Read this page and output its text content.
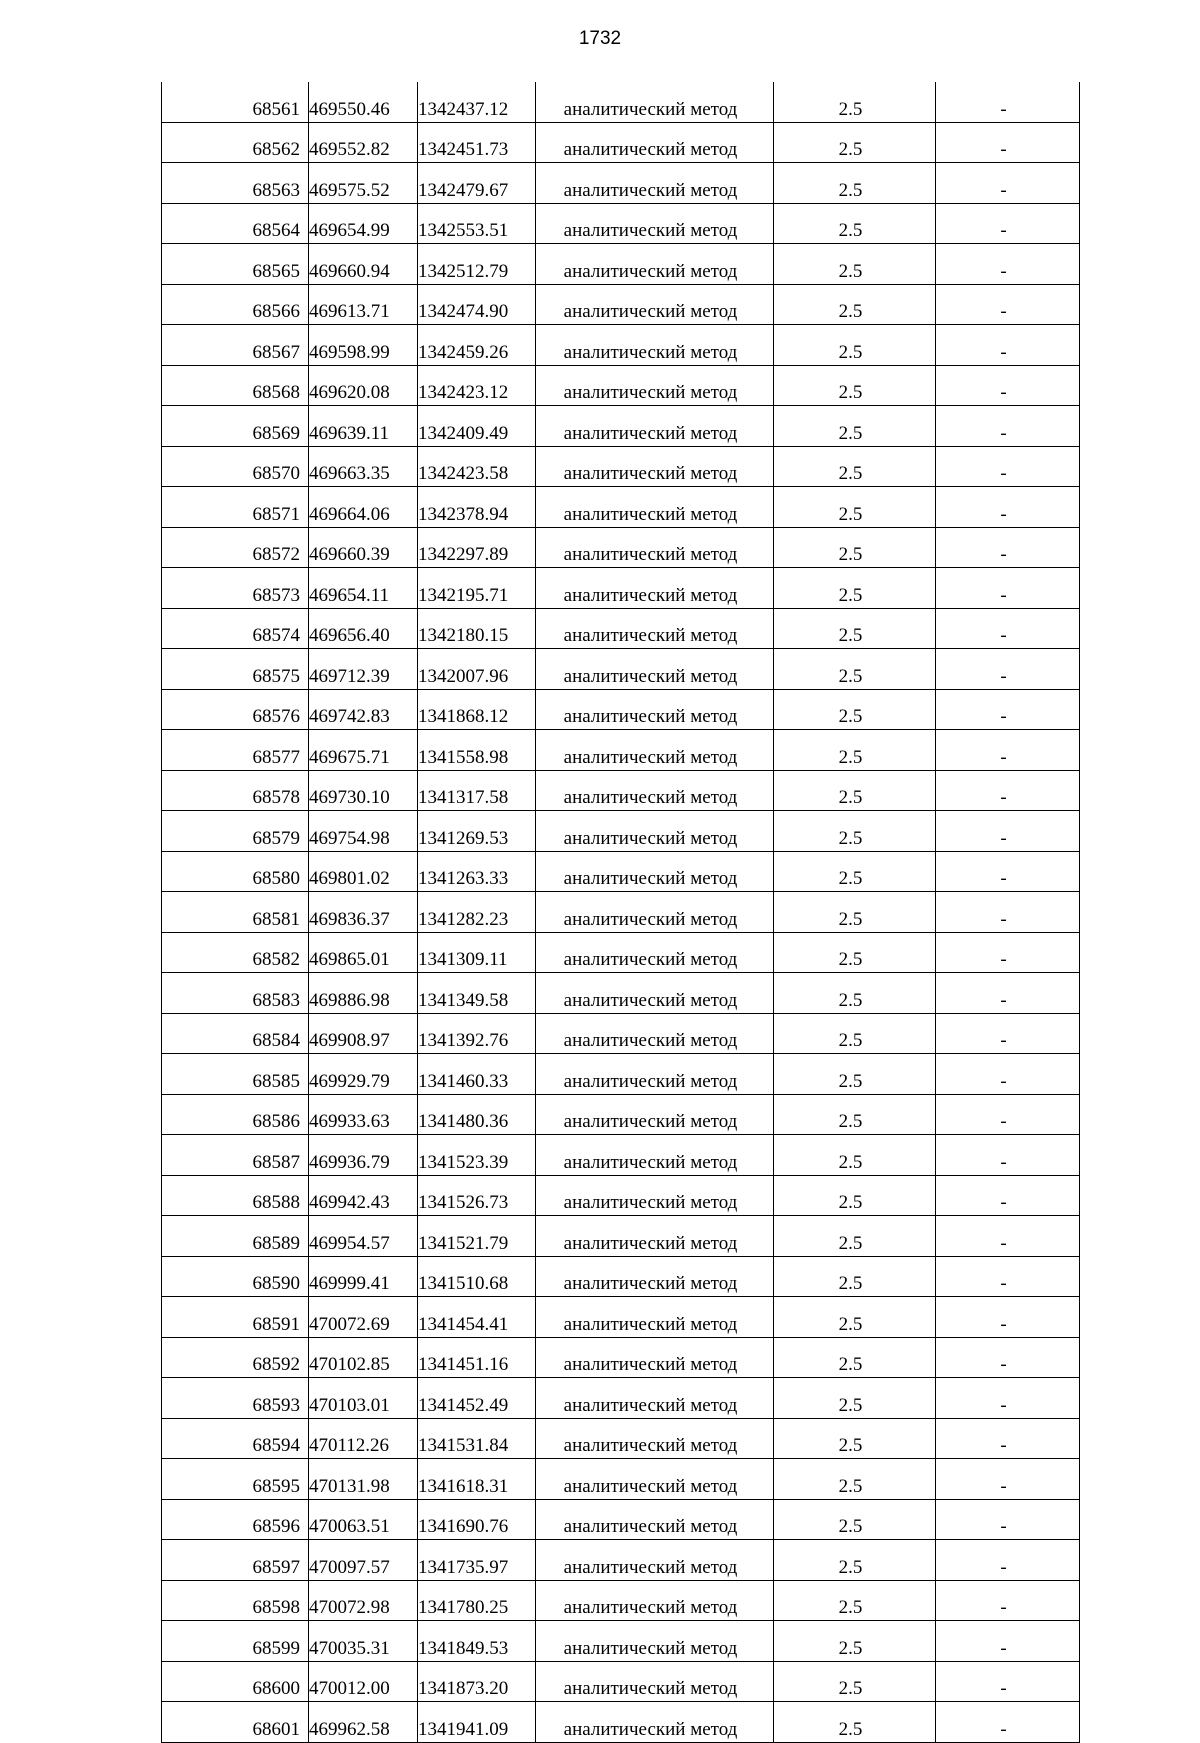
1732
68561	469550.46	1342437.12	аналитический метод	2.5	-
68562	469552.82	1342451.73	аналитический метод	2.5	-
68563	469575.52	1342479.67	аналитический метод	2.5	-
68564	469654.99	1342553.51	аналитический метод	2.5	-
68565	469660.94	1342512.79	аналитический метод	2.5	-
68566	469613.71	1342474.90	аналитический метод	2.5	-
68567	469598.99	1342459.26	аналитический метод	2.5	-
68568	469620.08	1342423.12	аналитический метод	2.5	-
68569	469639.11	1342409.49	аналитический метод	2.5	-
68570	469663.35	1342423.58	аналитический метод	2.5	-
68571	469664.06	1342378.94	аналитический метод	2.5	-
68572	469660.39	1342297.89	аналитический метод	2.5	-
68573	469654.11	1342195.71	аналитический метод	2.5	-
68574	469656.40	1342180.15	аналитический метод	2.5	-
68575	469712.39	1342007.96	аналитический метод	2.5	-
68576	469742.83	1341868.12	аналитический метод	2.5	-
68577	469675.71	1341558.98	аналитический метод	2.5	-
68578	469730.10	1341317.58	аналитический метод	2.5	-
68579	469754.98	1341269.53	аналитический метод	2.5	-
68580	469801.02	1341263.33	аналитический метод	2.5	-
68581	469836.37	1341282.23	аналитический метод	2.5	-
68582	469865.01	1341309.11	аналитический метод	2.5	-
68583	469886.98	1341349.58	аналитический метод	2.5	-
68584	469908.97	1341392.76	аналитический метод	2.5	-
68585	469929.79	1341460.33	аналитический метод	2.5	-
68586	469933.63	1341480.36	аналитический метод	2.5	-
68587	469936.79	1341523.39	аналитический метод	2.5	-
68588	469942.43	1341526.73	аналитический метод	2.5	-
68589	469954.57	1341521.79	аналитический метод	2.5	-
68590	469999.41	1341510.68	аналитический метод	2.5	-
68591	470072.69	1341454.41	аналитический метод	2.5	-
68592	470102.85	1341451.16	аналитический метод	2.5	-
68593	470103.01	1341452.49	аналитический метод	2.5	-
68594	470112.26	1341531.84	аналитический метод	2.5	-
68595	470131.98	1341618.31	аналитический метод	2.5	-
68596	470063.51	1341690.76	аналитический метод	2.5	-
68597	470097.57	1341735.97	аналитический метод	2.5	-
68598	470072.98	1341780.25	аналитический метод	2.5	-
68599	470035.31	1341849.53	аналитический метод	2.5	-
68600	470012.00	1341873.20	аналитический метод	2.5	-
68601	469962.58	1341941.09	аналитический метод	2.5	-
